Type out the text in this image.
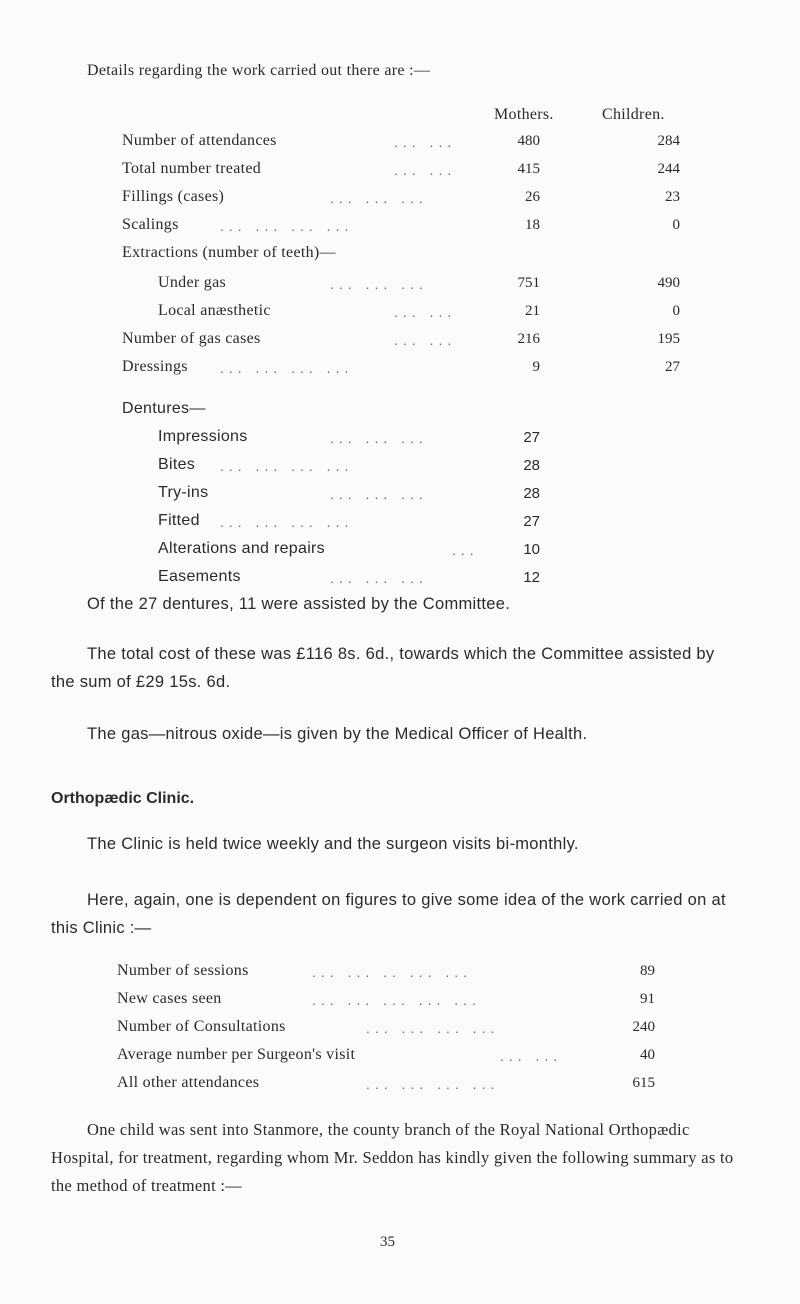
Details regarding the work carried out there are :—
Mothers.	Children.
Number of attendances	... ...	480	284
Total number treated	... ...	415	244
Fillings (cases)	... ... ...	26	23
Scalings	... ... ... ...	18	0
Extractions (number of teeth)—
Under gas	... ... ...	751	490
Local anæsthetic	... ...	21	0
Number of gas cases	... ...	216	195
Dressings ... ... ... ...	9	27
Dentures—
Impressions	... ... ...	27
Bites ... ... ... ...	28
Try-ins	... ... ...	28
Fitted ... ... ... ...	27
Alterations and repairs	...	10
Easements	... ... ...	12
Of the 27 dentures, 11 were assisted by the Committee.
The total cost of these was £116 8s. 6d., towards which the Committee assisted by the sum of £29 15s. 6d.
The gas—nitrous oxide—is given by the Medical Officer of Health.
Orthopædic Clinic.
The Clinic is held twice weekly and the surgeon visits bi-monthly.
Here, again, one is dependent on figures to give some idea of the work carried on at this Clinic :—
Number of sessions	... ... .. ... ...	89
New cases seen	... ... ... ... ...	91
Number of Consultations	... ... ... ...	240
Average number per Surgeon's visit	... ...	40
All other attendances	... ... ... ...	615
One child was sent into Stanmore, the county branch of the Royal National Orthopædic Hospital, for treatment, regarding whom Mr. Seddon has kindly given the following summary as to the method of treatment :—
35
